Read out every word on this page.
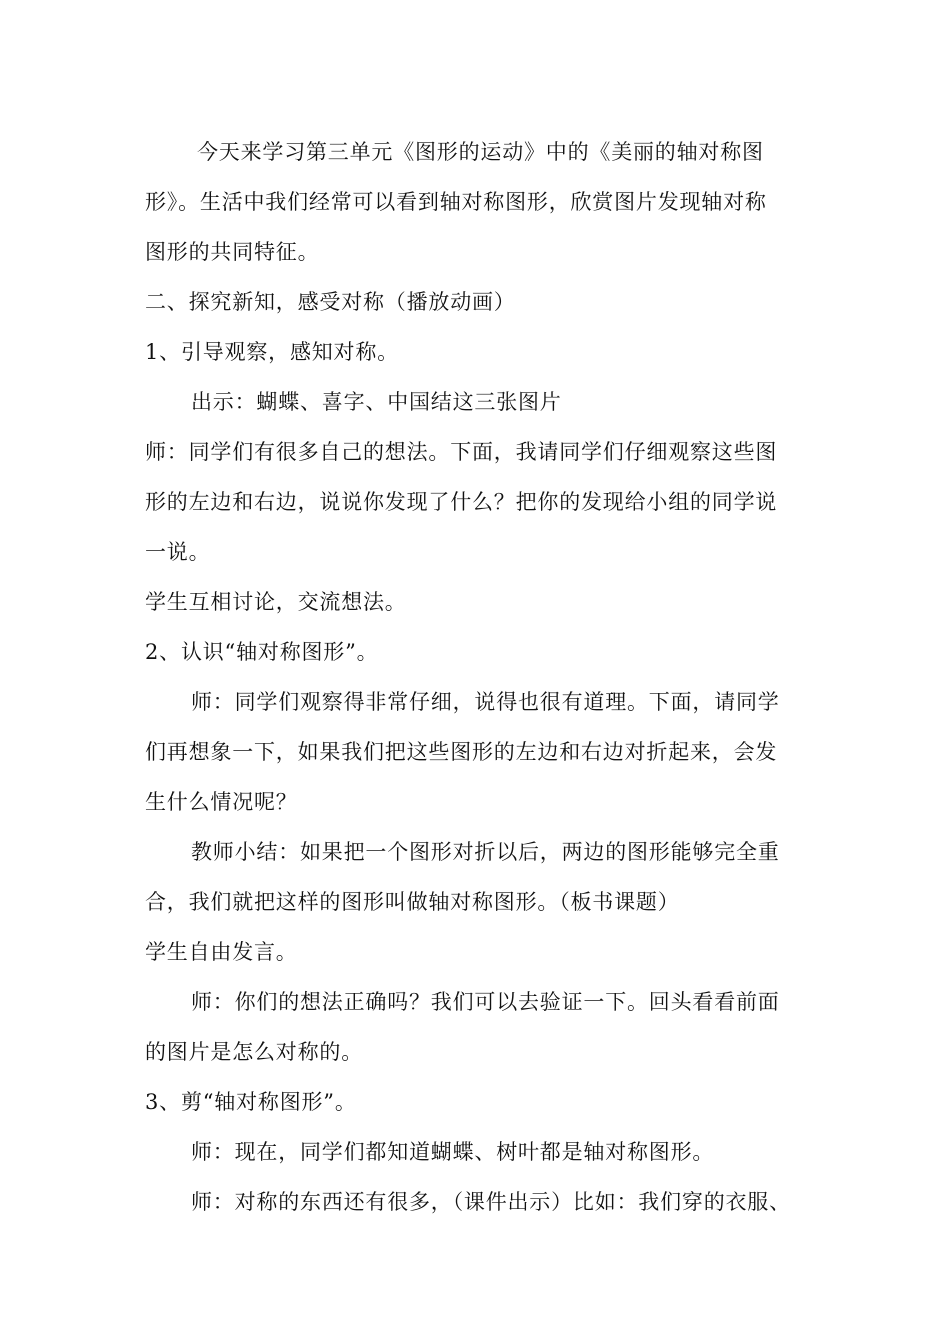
今天来学习第三单元《图形的运动》中的《美丽的轴对称图
形》。生活中我们经常可以看到轴对称图形，欣赏图片发现轴对称
图形的共同特征。
二、探究新知，感受对称（播放动画）
1、引导观察，感知对称。
出示：蝴蝶、喜字、中国结这三张图片
师：同学们有很多自己的想法。下面，我请同学们仔细观察这些图
形的左边和右边，说说你发现了什么？把你的发现给小组的同学说
一说。
学生互相讨论，交流想法。
2、认识“轴对称图形”。
师：同学们观察得非常仔细，说得也很有道理。下面，请同学
们再想象一下，如果我们把这些图形的左边和右边对折起来，会发
生什么情况呢？
教师小结：如果把一个图形对折以后，两边的图形能够完全重
合，我们就把这样的图形叫做轴对称图形。（板书课题）
学生自由发言。
师：你们的想法正确吗？我们可以去验证一下。回头看看前面
的图片是怎么对称的。
3、剪“轴对称图形”。
师：现在，同学们都知道蝴蝶、树叶都是轴对称图形。
师：对称的东西还有很多，（课件出示）比如：我们穿的衣服、
